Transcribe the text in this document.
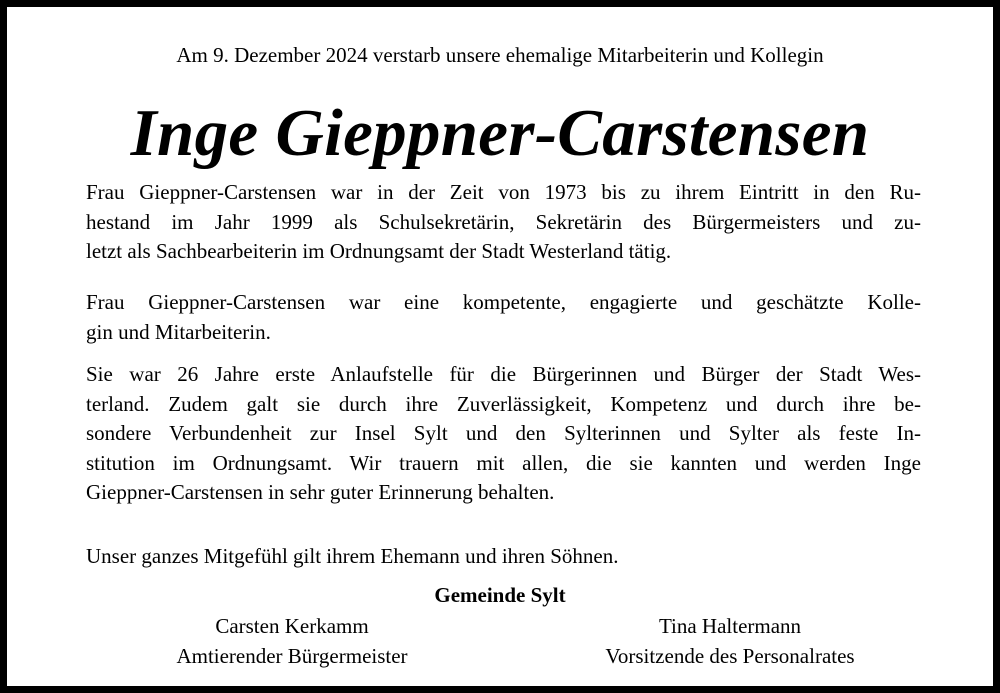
Am 9. Dezember 2024 verstarb unsere ehemalige Mitarbeiterin und Kollegin
Inge Gieppner-Carstensen
Frau Gieppner-Carstensen war in der Zeit von 1973 bis zu ihrem Eintritt in den Ru-
hestand im Jahr 1999 als Schulsekretärin, Sekretärin des Bürgermeisters und zu-
letzt als Sachbearbeiterin im Ordnungsamt der Stadt Westerland tätig.
Frau Gieppner-Carstensen war eine kompetente, engagierte und geschätzte Kolle-
gin und Mitarbeiterin.
Sie war 26 Jahre erste Anlaufstelle für die Bürgerinnen und Bürger der Stadt Wes-
terland. Zudem galt sie durch ihre Zuverlässigkeit, Kompetenz und durch ihre be-
sondere Verbundenheit zur Insel Sylt und den Sylterinnen und Sylter als feste In-
stitution im Ordnungsamt. Wir trauern mit allen, die sie kannten und werden Inge
Gieppner-Carstensen in sehr guter Erinnerung behalten.
Unser ganzes Mitgefühl gilt ihrem Ehemann und ihren Söhnen.
Gemeinde Sylt
Carsten Kerkamm
Amtierender Bürgermeister
Tina Haltermann
Vorsitzende des Personalrates
